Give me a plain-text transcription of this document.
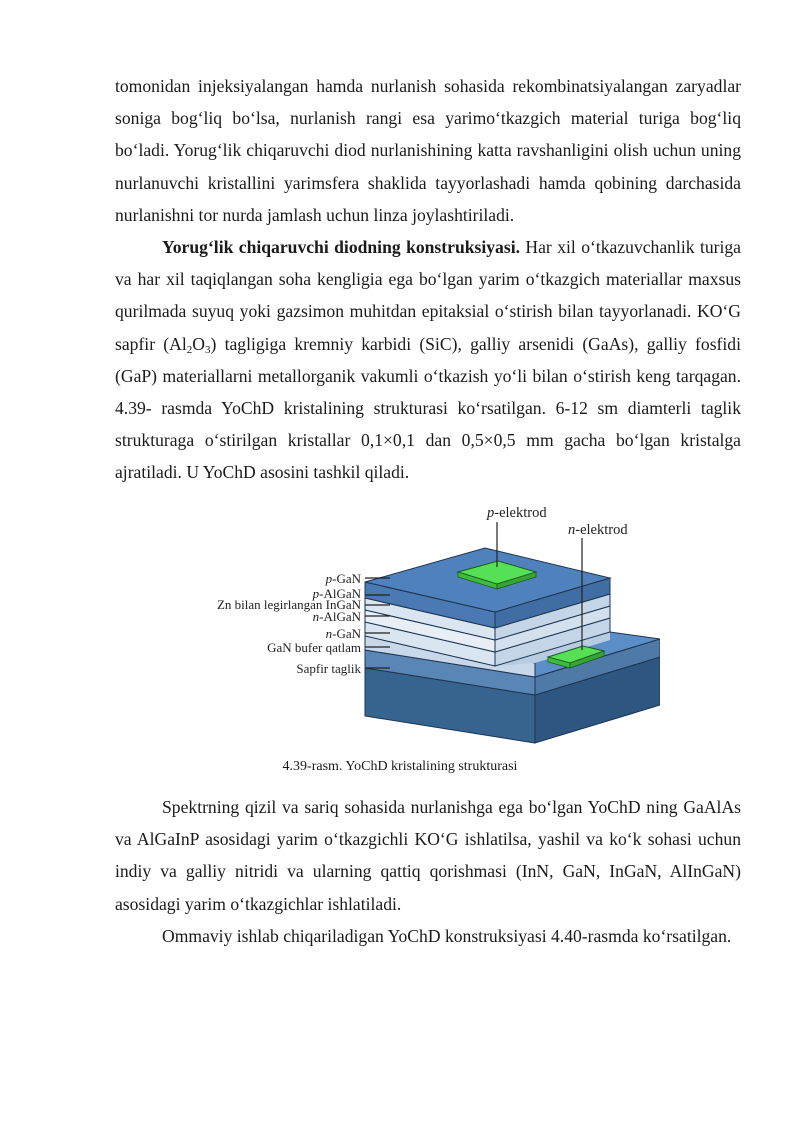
tomonidan injeksiyalangan hamda nurlanish sohasida rekombinatsiyalangan zaryadlar soniga bog‘liq bo‘lsa, nurlanish rangi esa yarimo‘tkazgich material turiga bog‘liq bo‘ladi. Yorug‘lik chiqaruvchi diod nurlanishining katta ravshanligini olish uchun uning nurlanuvchi kristallini yarimsfera shaklida tayyorlashadi hamda qobining darchasida nurlanishni tor nurda jamlash uchun linza joylashtiriladi.

Yorug‘lik chiqaruvchi diodning konstruksiyasi. Har xil o‘tkazuvchanlik turiga va har xil taqiqlangan soha kengligia ega bo‘lgan yarim o‘tkazgich materiallar maxsus qurilmada suyuq yoki gazsimon muhitdan epitaksial o‘stirish bilan tayyorlanadi. KO‘G sapfir $(Al_2O_3)$ tagligiga kremniy karbidi (SiC), galliy arsenidi (GaAs), galliy fosfidi (GaP) materiallarni metallorganik vakumli o‘tkazish yo‘li bilan o‘stirish keng tarqagan. 4.39- rasmda YoChD kristalining strukturasi ko‘rsatilgan. 6-12 sm diamterli taglik strukturaga o‘stirilgan kristallar 0,1×0,1 dan 0,5×0,5 mm gacha bo‘lgan kristalga ajratiladi. U YoChD asosini tashkil qiladi.

p-elektrod
n-elektrod
p-GaN
p-AlGaN
Zn bilan legirlangan InGaN
n-AlGaN
n-GaN
GaN bufer qatlam
Sapfir taglik
4.39-rasm. YoChD kristalining strukturasi

Spektrning qizil va sariq sohasida nurlanishga ega bo‘lgan YoChD ning GaAlAs va AlGaInP asosidagi yarim o‘tkazgichli KO‘G ishlatilsa, yashil va ko‘k sohasi uchun indiy va galliy nitridi va ularning qattiq qorishmasi (InN, GaN, InGaN, AlInGaN) asosidagi yarim o‘tkazgichlar ishlatiladi.

Ommaviy ishlab chiqariladigan YoChD konstruksiyasi 4.40-rasmda ko‘rsatilgan.
